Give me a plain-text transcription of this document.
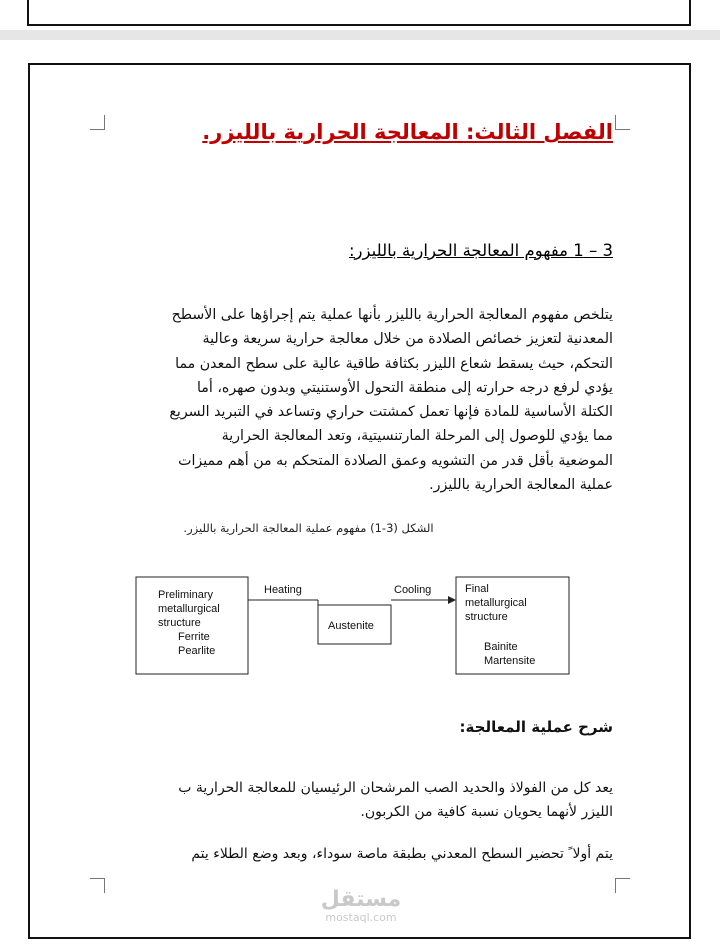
الفصل الثالث: المعالجة الحرارية بالليزر.
3 – 1 مفهوم المعالجة الحرارية بالليزر:
يتلخص مفهوم المعالجة الحرارية بالليزر بأنها عملية يتم إجراؤها على الأسطح
المعدنية لتعزيز خصائص الصلادة من خلال معالجة حرارية سريعة وعالية
التحكم، حيث يسقط شعاع الليزر بكثافة طاقية عالية على سطح المعدن مما
يؤدي لرفع درجه حرارته إلى منطقة التحول الأوستنيتي وبدون صهره، أما
الكتلة الأساسية للمادة فإنها تعمل كمشتت حراري وتساعد في التبريد السريع
مما يؤدي للوصول إلى المرحلة المارتنسيتية، وتعد المعالجة الحرارية
الموضعية بأقل قدر من التشويه وعمق الصلادة المتحكم به من أهم مميزات
عملية المعالجة الحرارية بالليزر.
الشكل (3-1) مفهوم عملية المعالجة الحرارية بالليزر.
Preliminary
metallurgical
structure
Ferrite
Pearlite
Heating
Austenite
Cooling	Final
metallurgical
structure
Bainite
Martensite
شرح عملية المعالجة:
يعد كل من الفولاذ والحديد الصب المرشحان الرئيسيان للمعالجة الحرارية ب
الليزر لأنهما يحويان نسبة كافية من الكربون.
يتم أولا ً تحضير السطح المعدني بطبقة ماصة سوداء، وبعد وضع الطلاء يتم
مستقل
mostaql.com
